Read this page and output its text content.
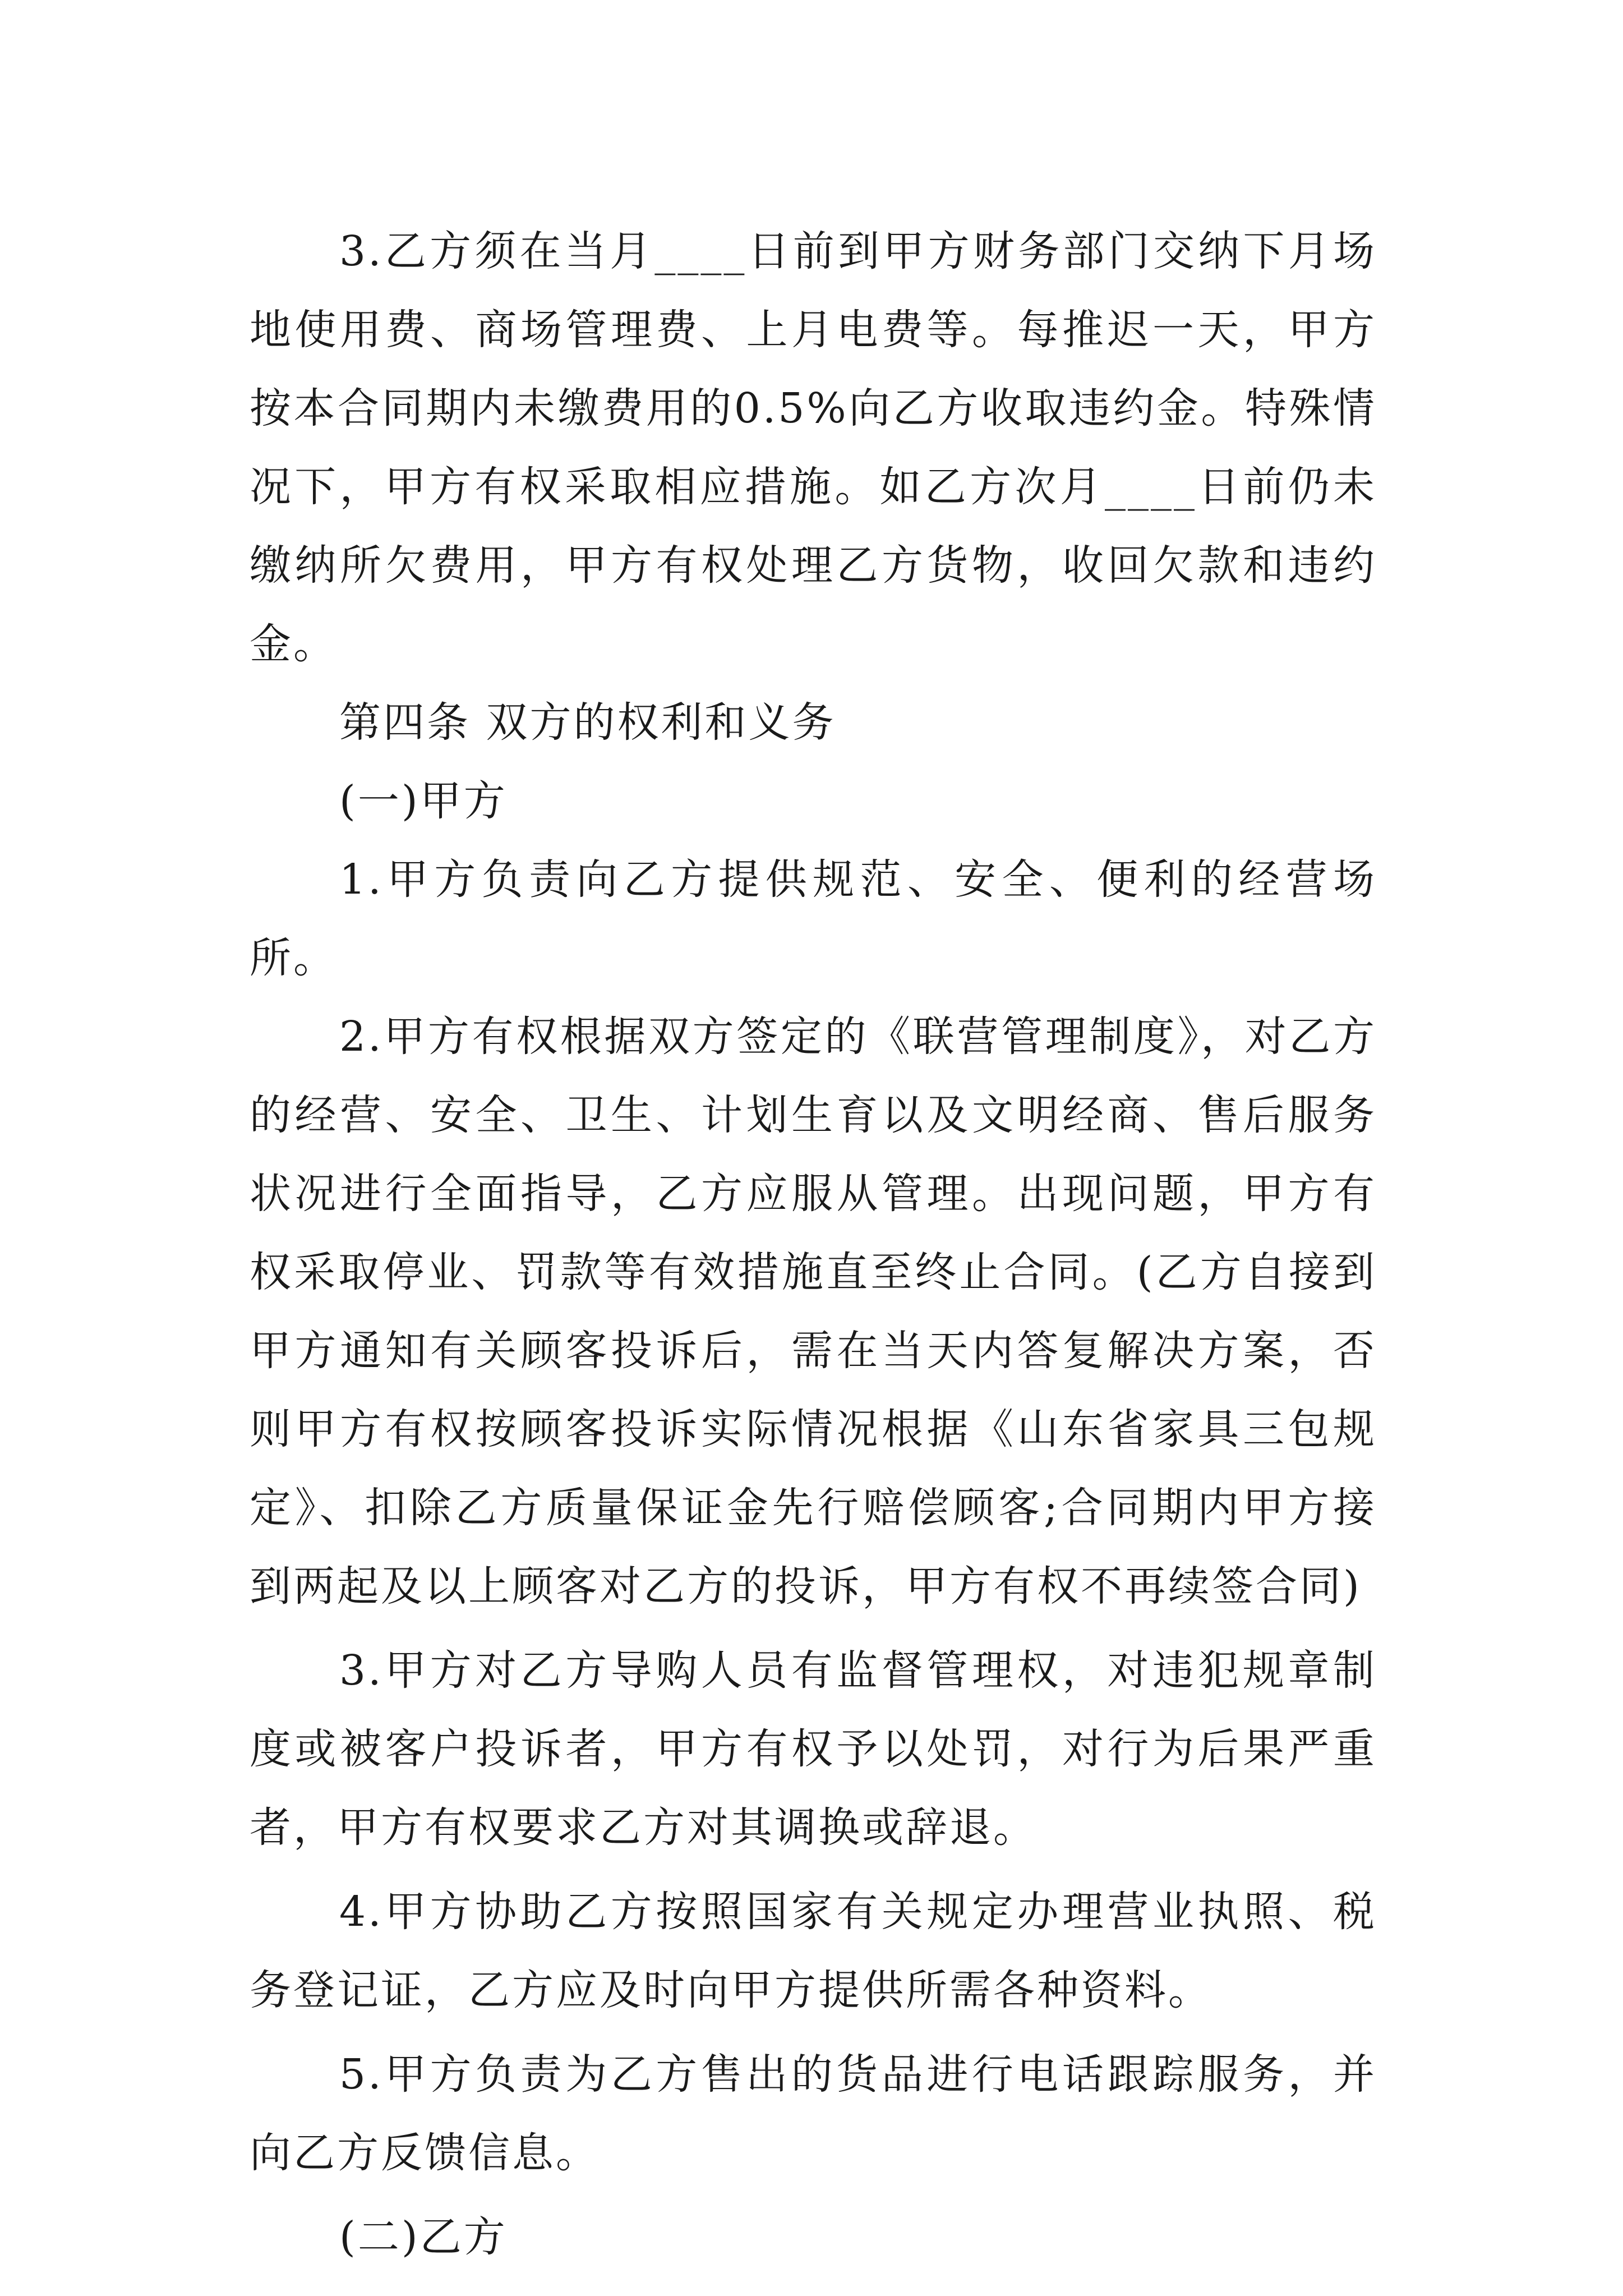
3.乙方须在当月____日前到甲方财务部门交纳下月场地使用费、商场管理费、上月电费等。每推迟一天，甲方按本合同期内未缴费用的0.5%向乙方收取违约金。特殊情况下，甲方有权采取相应措施。如乙方次月____日前仍未缴纳所欠费用，甲方有权处理乙方货物，收回欠款和违约金。

第四条 双方的权利和义务

(一)甲方

1.甲方负责向乙方提供规范、安全、便利的经营场所。

2.甲方有权根据双方签定的《联营管理制度》，对乙方的经营、安全、卫生、计划生育以及文明经商、售后服务状况进行全面指导，乙方应服从管理。出现问题，甲方有权采取停业、罚款等有效措施直至终止合同。(乙方自接到甲方通知有关顾客投诉后，需在当天内答复解决方案，否则甲方有权按顾客投诉实际情况根据《山东省家具三包规定》、扣除乙方质量保证金先行赔偿顾客;合同期内甲方接到两起及以上顾客对乙方的投诉，甲方有权不再续签合同)

3.甲方对乙方导购人员有监督管理权，对违犯规章制度或被客户投诉者，甲方有权予以处罚，对行为后果严重者，甲方有权要求乙方对其调换或辞退。

4.甲方协助乙方按照国家有关规定办理营业执照、税务登记证，乙方应及时向甲方提供所需各种资料。

5.甲方负责为乙方售出的货品进行电话跟踪服务，并向乙方反馈信息。

(二)乙方
